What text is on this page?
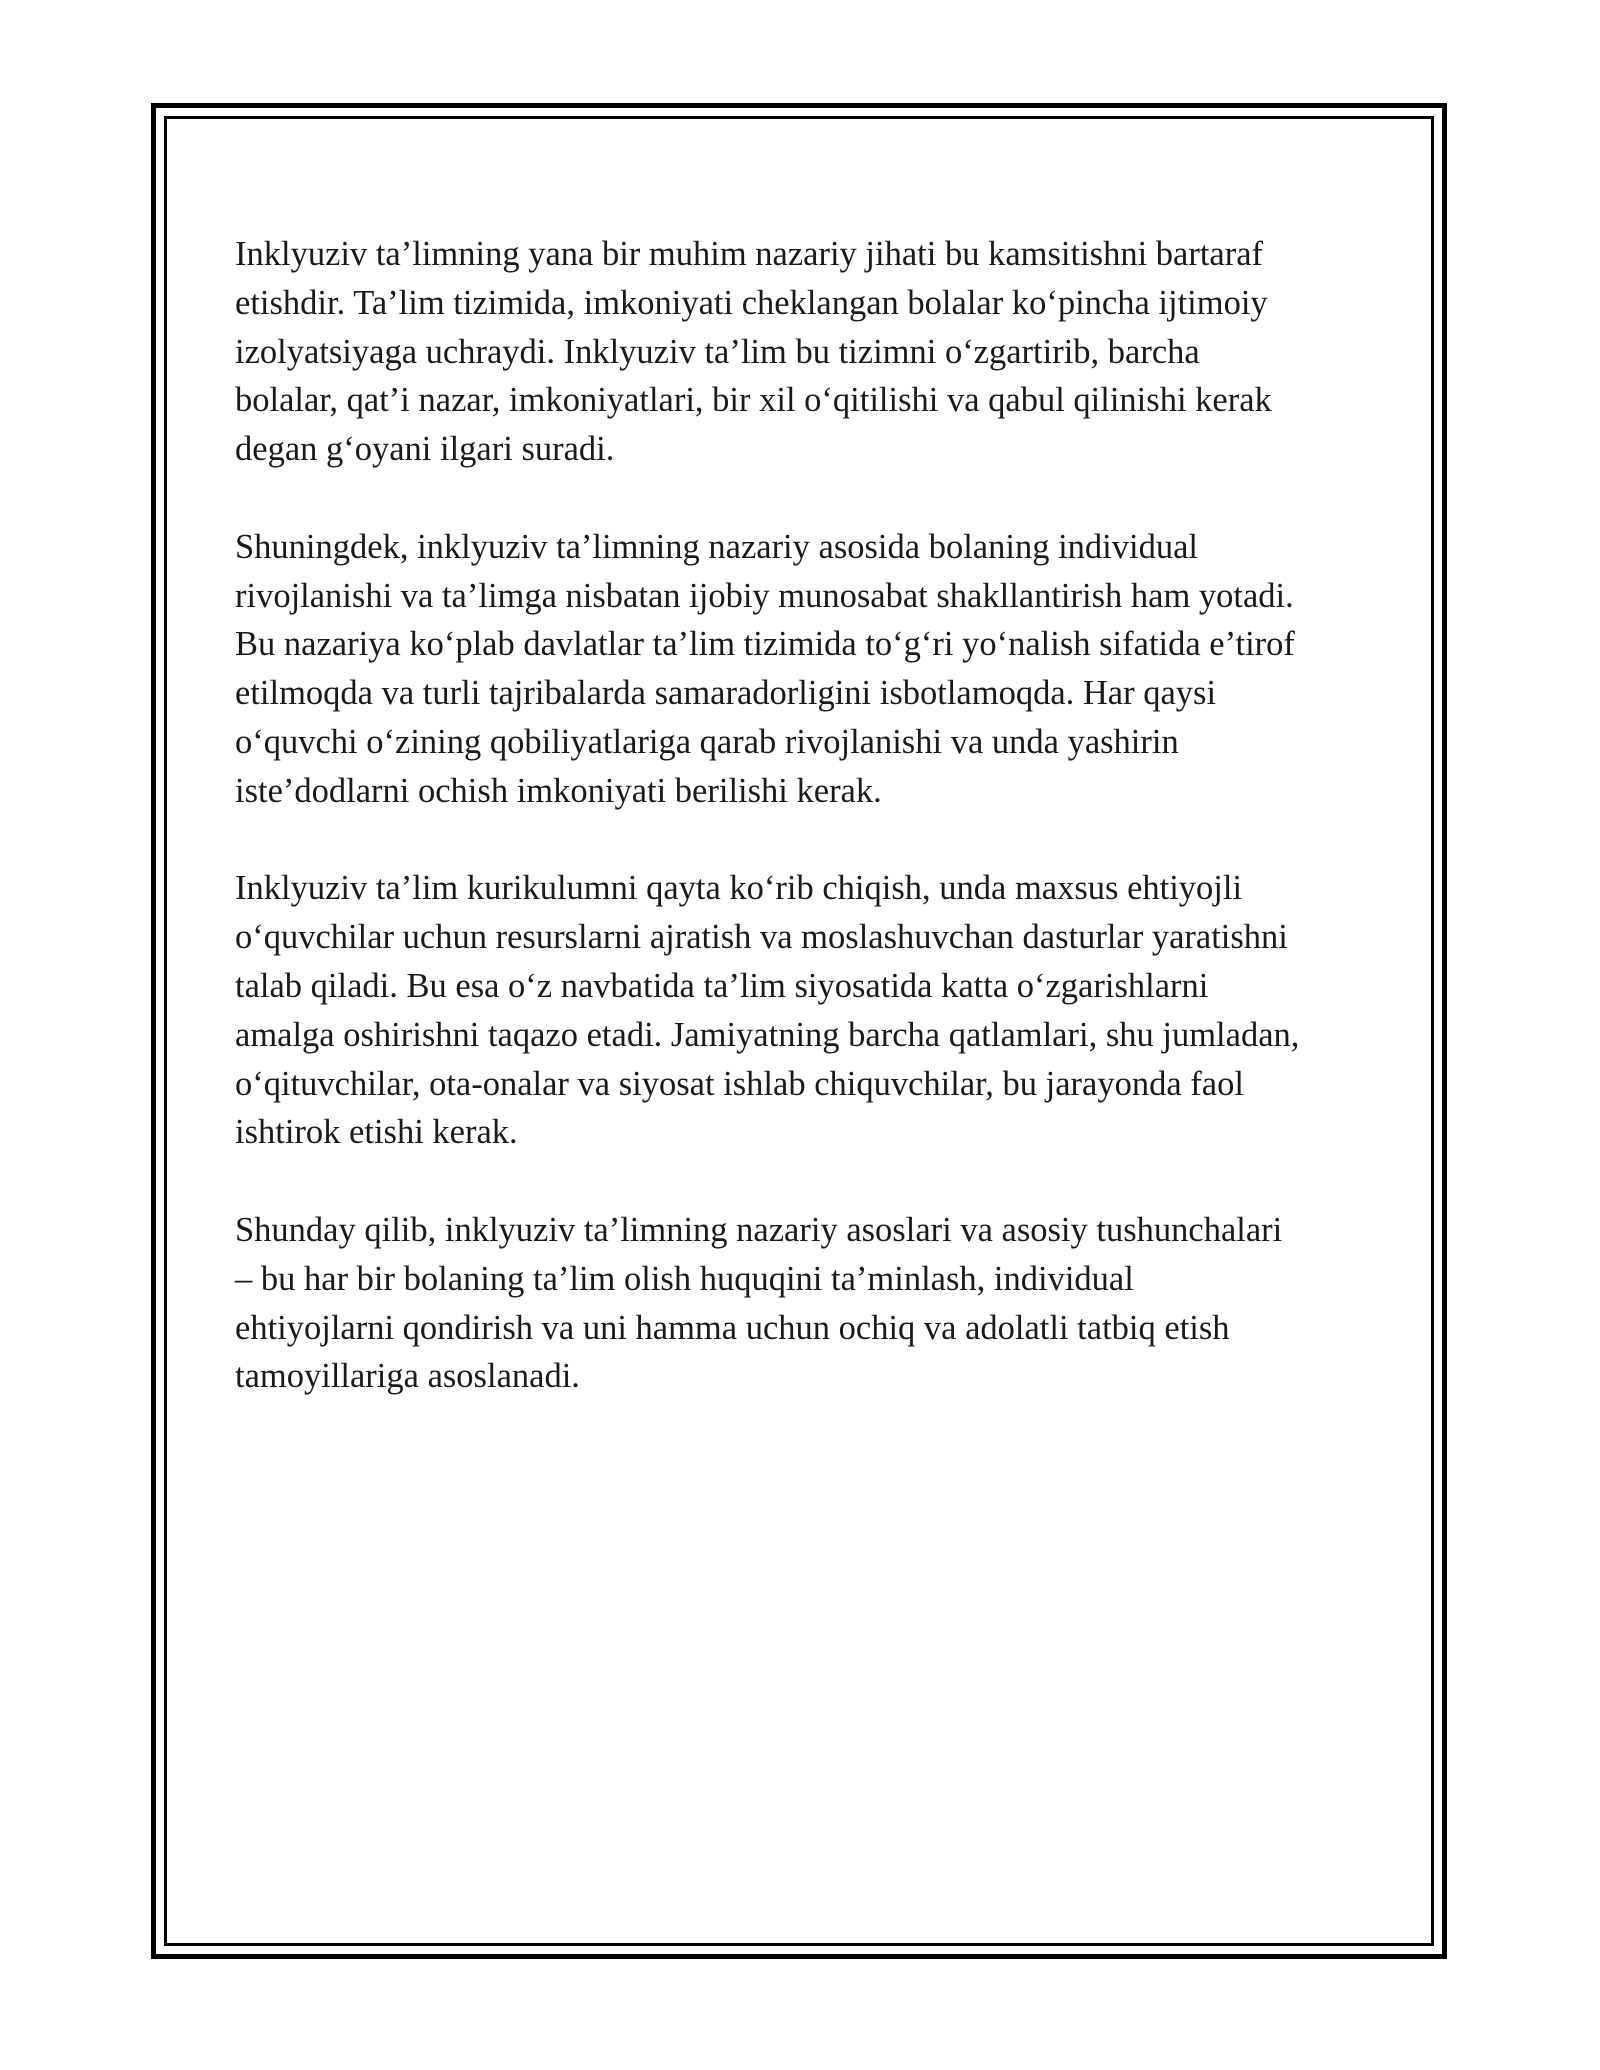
Inklyuziv ta’limning yana bir muhim nazariy jihati bu kamsitishni bartaraf
etishdir. Ta’lim tizimida, imkoniyati cheklangan bolalar ko‘pincha ijtimoiy
izolyatsiyaga uchraydi. Inklyuziv ta’lim bu tizimni o‘zgartirib, barcha
bolalar, qat’i nazar, imkoniyatlari, bir xil o‘qitilishi va qabul qilinishi kerak
degan g‘oyani ilgari suradi.

Shuningdek, inklyuziv ta’limning nazariy asosida bolaning individual
rivojlanishi va ta’limga nisbatan ijobiy munosabat shakllantirish ham yotadi.
Bu nazariya ko‘plab davlatlar ta’lim tizimida to‘g‘ri yo‘nalish sifatida e’tirof
etilmoqda va turli tajribalarda samaradorligini isbotlamoqda. Har qaysi
o‘quvchi o‘zining qobiliyatlariga qarab rivojlanishi va unda yashirin
iste’dodlarni ochish imkoniyati berilishi kerak.

Inklyuziv ta’lim kurikulumni qayta ko‘rib chiqish, unda maxsus ehtiyojli
o‘quvchilar uchun resurslarni ajratish va moslashuvchan dasturlar yaratishni
talab qiladi. Bu esa o‘z navbatida ta’lim siyosatida katta o‘zgarishlarni
amalga oshirishni taqazo etadi. Jamiyatning barcha qatlamlari, shu jumladan,
o‘qituvchilar, ota-onalar va siyosat ishlab chiquvchilar, bu jarayonda faol
ishtirok etishi kerak.

Shunday qilib, inklyuziv ta’limning nazariy asoslari va asosiy tushunchalari
– bu har bir bolaning ta’lim olish huquqini ta’minlash, individual
ehtiyojlarni qondirish va uni hamma uchun ochiq va adolatli tatbiq etish
tamoyillariga asoslanadi.
